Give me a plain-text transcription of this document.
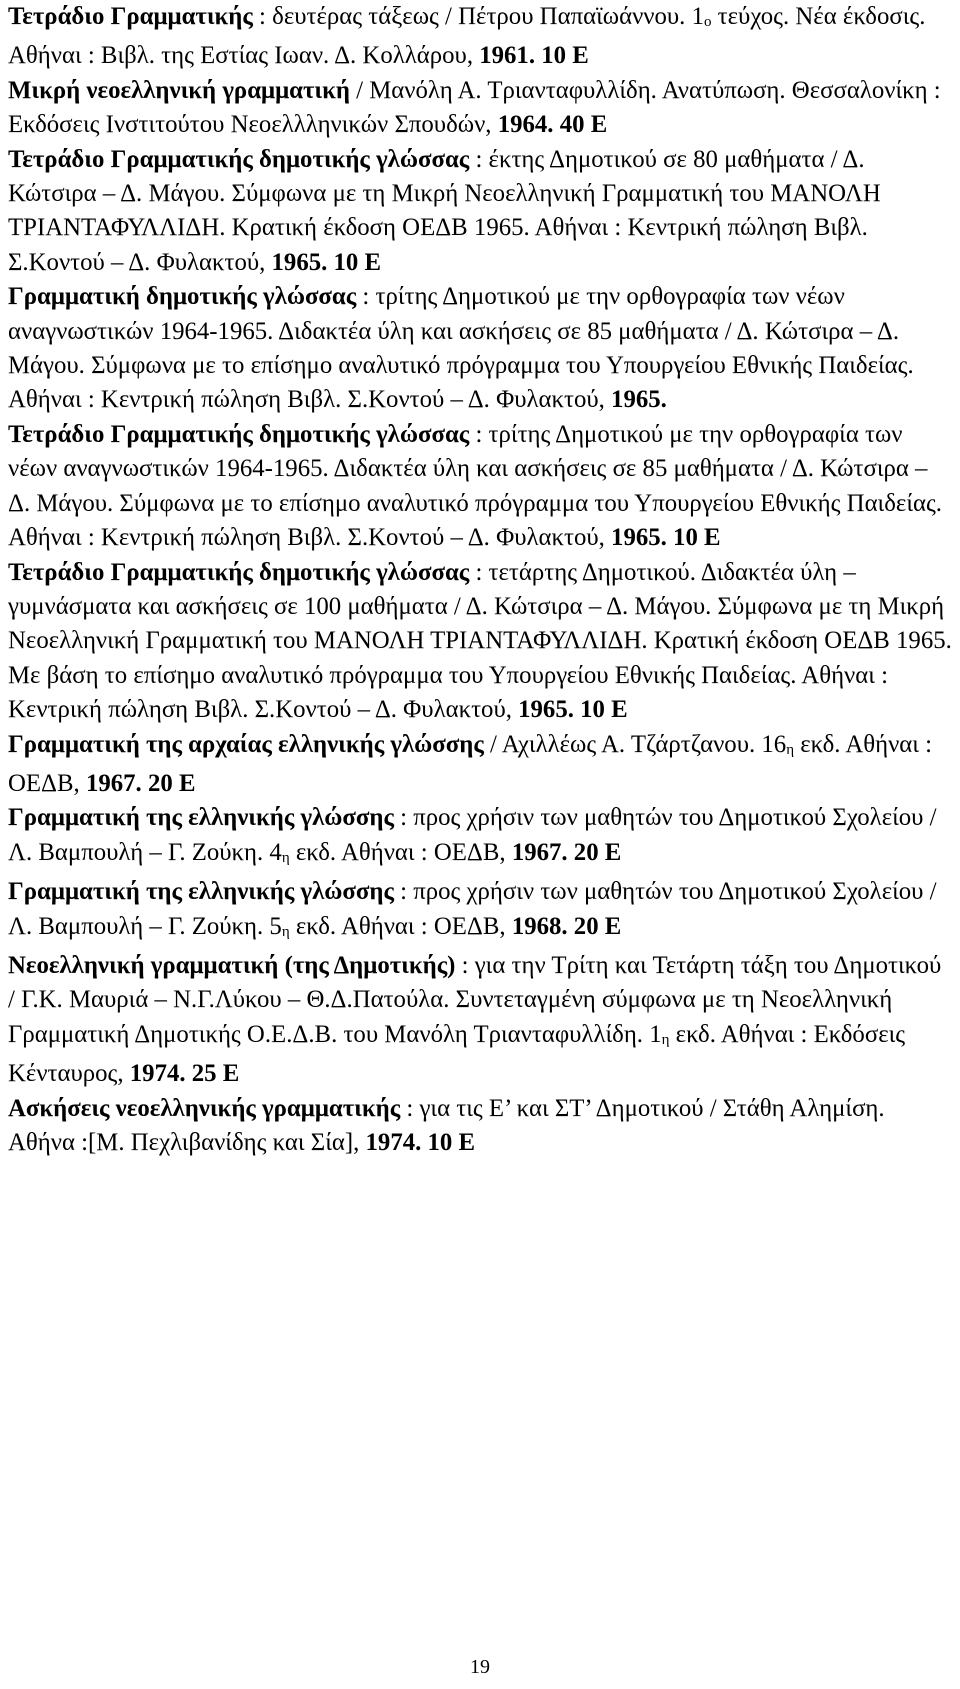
Τετράδιο Γραμματικής : δευτέρας τάξεως / Πέτρου Παπαϊωάννου. 1ο τεύχος. Νέα έκδοσις. Αθήναι : Βιβλ. της Εστίας Ιωαν. Δ. Κολλάρου, 1961. 10 Ε

Μικρή νεοελληνική γραμματική / Μανόλη Α. Τριανταφυλλίδη. Ανατύπωση. Θεσσαλονίκη : Εκδόσεις Ινστιτούτου Νεοελλληνικών Σπουδών, 1964. 40 Ε

Τετράδιο Γραμματικής δημοτικής γλώσσας : έκτης Δημοτικού σε 80 μαθήματα / Δ. Κώτσιρα – Δ. Μάγου. Σύμφωνα με τη Μικρή Νεοελληνική Γραμματική του ΜΑΝΟΛΗ ΤΡΙΑΝΤΑΦΥΛΛΙΔΗ. Κρατική έκδοση ΟΕΔΒ 1965. Αθήναι : Κεντρική πώληση Βιβλ. Σ.Κοντού – Δ. Φυλακτού, 1965. 10 Ε

Γραμματική δημοτικής γλώσσας : τρίτης Δημοτικού με την ορθογραφία των νέων αναγνωστικών 1964-1965. Διδακτέα ύλη και ασκήσεις σε 85 μαθήματα / Δ. Κώτσιρα – Δ. Μάγου. Σύμφωνα με το επίσημο αναλυτικό πρόγραμμα του Υπουργείου Εθνικής Παιδείας. Αθήναι : Κεντρική πώληση Βιβλ. Σ.Κοντού – Δ. Φυλακτού, 1965.

Τετράδιο Γραμματικής δημοτικής γλώσσας : τρίτης Δημοτικού με την ορθογραφία των νέων αναγνωστικών 1964-1965. Διδακτέα ύλη και ασκήσεις σε 85 μαθήματα / Δ. Κώτσιρα – Δ. Μάγου. Σύμφωνα με το επίσημο αναλυτικό πρόγραμμα του Υπουργείου Εθνικής Παιδείας. Αθήναι : Κεντρική πώληση Βιβλ. Σ.Κοντού – Δ. Φυλακτού, 1965. 10 Ε

Τετράδιο Γραμματικής δημοτικής γλώσσας : τετάρτης Δημοτικού. Διδακτέα ύλη – γυμνάσματα και ασκήσεις σε 100 μαθήματα / Δ. Κώτσιρα – Δ. Μάγου. Σύμφωνα με τη Μικρή Νεοελληνική Γραμματική του ΜΑΝΟΛΗ ΤΡΙΑΝΤΑΦΥΛΛΙΔΗ. Κρατική έκδοση ΟΕΔΒ 1965. Με βάση το επίσημο αναλυτικό πρόγραμμα του Υπουργείου Εθνικής Παιδείας. Αθήναι : Κεντρική πώληση Βιβλ. Σ.Κοντού – Δ. Φυλακτού, 1965. 10 Ε

Γραμματική της αρχαίας ελληνικής γλώσσης / Αχιλλέως Α. Τζάρτζανου. 16η εκδ. Αθήναι : ΟΕΔΒ, 1967. 20 Ε

Γραμματική της ελληνικής γλώσσης : προς χρήσιν των μαθητών του Δημοτικού Σχολείου / Λ. Βαμπουλή – Γ. Ζούκη. 4η εκδ. Αθήναι : ΟΕΔΒ, 1967. 20 Ε

Γραμματική της ελληνικής γλώσσης : προς χρήσιν των μαθητών του Δημοτικού Σχολείου / Λ. Βαμπουλή – Γ. Ζούκη. 5η εκδ. Αθήναι : ΟΕΔΒ, 1968. 20 Ε

Νεοελληνική γραμματική (της Δημοτικής) : για την Τρίτη και Τετάρτη τάξη του Δημοτικού / Γ.Κ. Μαυριά – Ν.Γ.Λύκου – Θ.Δ.Πατούλα. Συντεταγμένη σύμφωνα με τη Νεοελληνική Γραμματική Δημοτικής Ο.Ε.Δ.Β. του Μανόλη Τριανταφυλλίδη. 1η εκδ. Αθήναι : Εκδόσεις Κένταυρος, 1974. 25 Ε

Ασκήσεις νεοελληνικής γραμματικής : για τις Ε’ και ΣΤ’ Δημοτικού / Στάθη Αλημίση. Αθήνα :[Μ. Πεχλιβανίδης και Σία], 1974. 10 Ε

19
